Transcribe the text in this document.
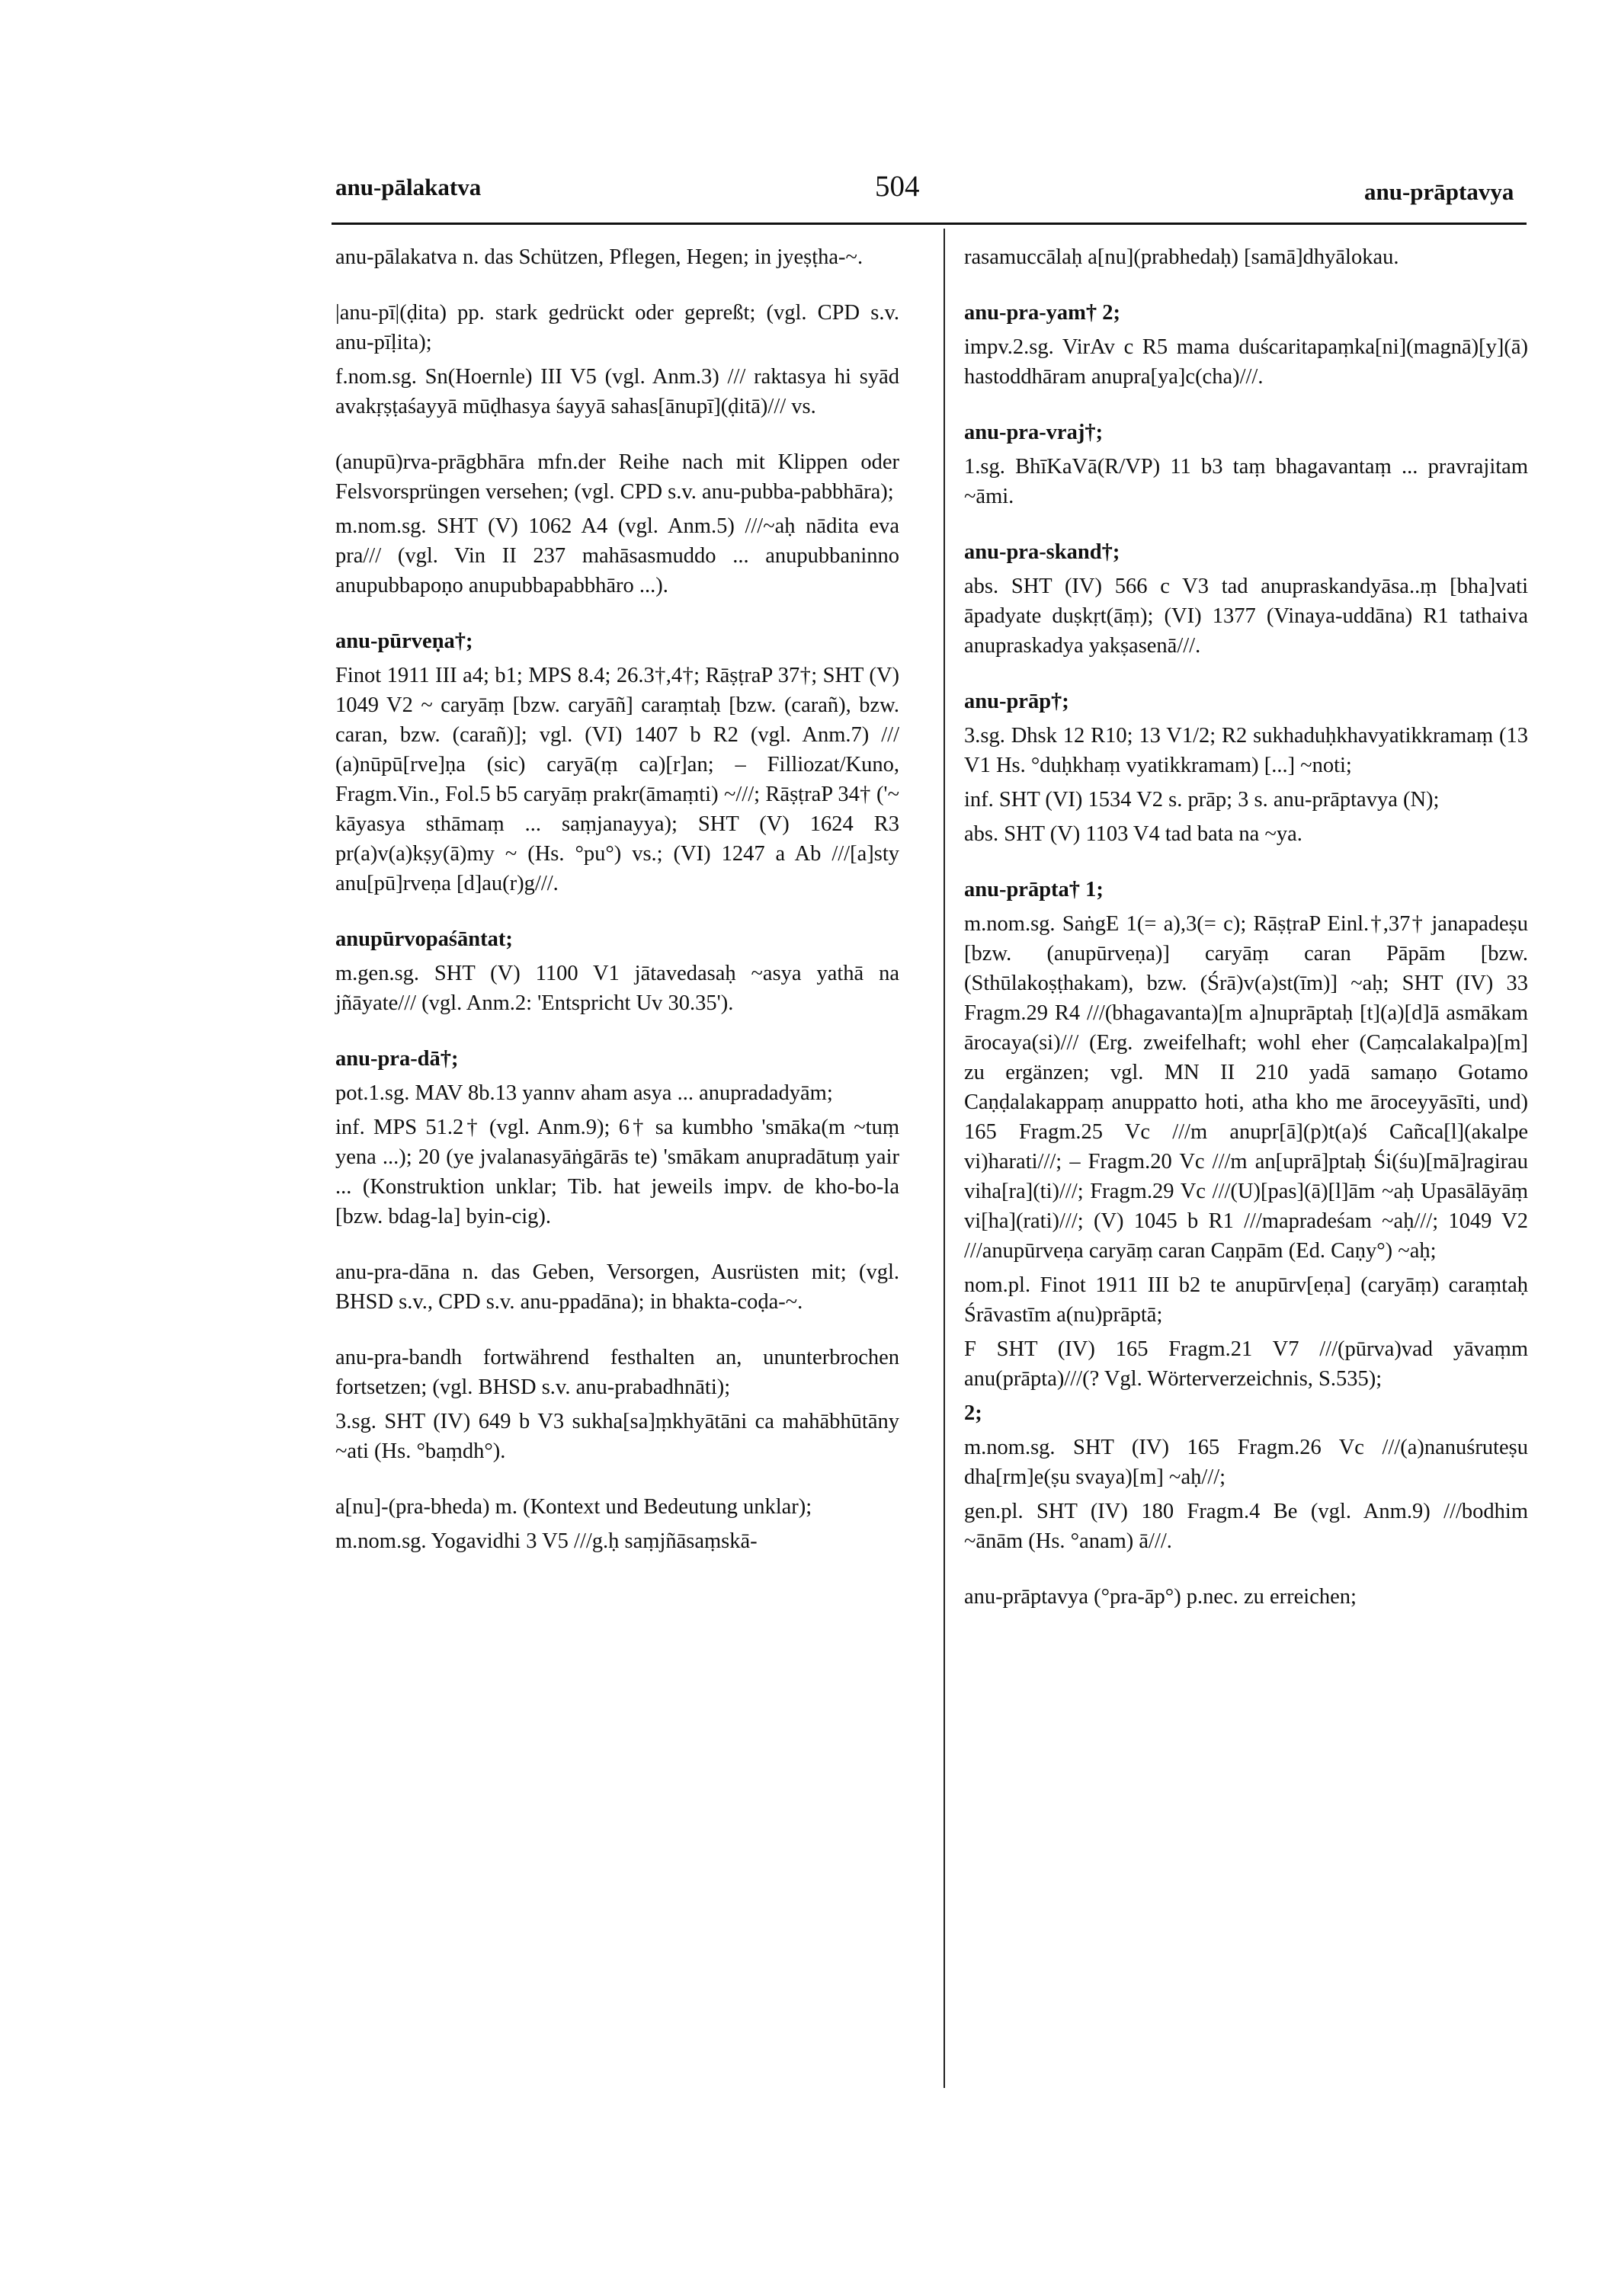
anu-pālakatva	504	anu-prāptavya

anu-pālakatva n. das Schützen, Pflegen, Hegen; in jyeṣṭha-~.

|anu-pī|(ḍita) pp. stark gedrückt oder gepreßt; (vgl. CPD s.v. anu-pīḷita);

f.nom.sg. Sn(Hoernle) III V5 (vgl. Anm.3) /// raktasya hi syād avakṛṣṭaśayyā mūḍhasya śayyā sahas[ānupī](ḍitā)/// vs.

(anupū)rva-prāgbhāra mfn.der Reihe nach mit Klippen oder Felsvorsprüngen versehen; (vgl. CPD s.v. anu-pubba-pabbhāra);

m.nom.sg. SHT (V) 1062 A4 (vgl. Anm.5) ///~aḥ nādita eva pra/// (vgl. Vin II 237 mahāsasmuddo ... anupubbaninno anupubbapoṇo anupubbapabbhāro ...).

anu-pūrveṇa†;

Finot 1911 III a4; b1; MPS 8.4; 26.3†,4†; RāṣṭraP 37†; SHT (V) 1049 V2 ~ caryāṃ [bzw. caryāñ] caraṃtaḥ [bzw. (carañ), bzw. caran, bzw. (carañ)]; vgl. (VI) 1407 b R2 (vgl. Anm.7) /// (a)nūpū[rve]ṇa (sic) caryā(ṃ ca)[r]an; – Filliozat/Kuno, Fragm.Vin., Fol.5 b5 caryāṃ prakr(āmaṃti) ~///; RāṣṭraP 34† ('~ kāyasya sthāmaṃ ... saṃjanayya); SHT (V) 1624 R3 pr(a)v(a)kṣy(ā)my ~ (Hs. °pu°) vs.; (VI) 1247 a Ab ///[a]sty anu[pū]rveṇa [d]au(r)g///.

anupūrvopaśāntat;

m.gen.sg. SHT (V) 1100 V1 jātavedasaḥ ~asya yathā na jñāyate/// (vgl. Anm.2: 'Entspricht Uv 30.35').

anu-pra-dā†;

pot.1.sg. MAV 8b.13 yannv aham asya ... anupradadyām;

inf. MPS 51.2† (vgl. Anm.9); 6† sa kumbho 'smāka(m ~tuṃ yena ...); 20 (ye jvalanasyāṅgārās te) 'smākam anupradātuṃ yair ... (Konstruktion unklar; Tib. hat jeweils impv. de kho-bo-la [bzw. bdag-la] byin-cig).

anu-pra-dāna n. das Geben, Versorgen, Ausrüsten mit; (vgl. BHSD s.v., CPD s.v. anu-ppadāna); in bhakta-coḍa-~.

anu-pra-bandh fortwährend festhalten an, ununterbrochen fortsetzen; (vgl. BHSD s.v. anu-prabadhnāti);

3.sg. SHT (IV) 649 b V3 sukha[sa]ṃkhyātāni ca mahābhūtāny ~ati (Hs. °baṃdh°).

a[nu]-(pra-bheda) m. (Kontext und Bedeutung unklar);

m.nom.sg. Yogavidhi 3 V5 ///g.ḥ saṃjñāsaṃskā-

rasamuccālaḥ a[nu](prabhedaḥ) [samā]dhyālokau.

anu-pra-yam† 2;

impv.2.sg. VirAv c R5 mama duścaritapaṃka[ni](magnā)[y](ā) hastoddhāram anupra[ya]c(cha)///.

anu-pra-vraj†;

1.sg. BhīKaVā(R/VP) 11 b3 taṃ bhagavantaṃ ... pravrajitam ~āmi.

anu-pra-skand†;

abs. SHT (IV) 566 c V3 tad anupraskandyāsa..ṃ [bha]vati āpadyate duṣkṛt(āṃ); (VI) 1377 (Vinaya-uddāna) R1 tathaiva anupraskadya yakṣasenā///.

anu-prāp†;

3.sg. Dhsk 12 R10; 13 V1/2; R2 sukhaduḥkhavyatikkramaṃ (13 V1 Hs. °duḥkhaṃ vyatikkramam) [...] ~noti;

inf. SHT (VI) 1534 V2 s. prāp; 3 s. anu-prāptavya (N);

abs. SHT (V) 1103 V4 tad bata na ~ya.

anu-prāpta† 1;

m.nom.sg. SaṅgE 1(= a),3(= c); RāṣṭraP Einl.†,37† janapadeṣu [bzw. (anupūrveṇa)] caryāṃ caran Pāpām [bzw. (Sthūlakoṣṭhakam), bzw. (Śrā)v(a)st(īm)] ~aḥ; SHT (IV) 33 Fragm.29 R4 ///(bhagavanta)[m a]nuprāptaḥ [t](a)[d]ā asmākam ārocaya(si)/// (Erg. zweifelhaft; wohl eher (Caṃcalakalpa)[m] zu ergänzen; vgl. MN II 210 yadā samaṇo Gotamo Caṇḍalakappaṃ anuppatto hoti, atha kho me āroceyyāsīti, und) 165 Fragm.25 Vc ///m anupr[ā](p)t(a)ś Cañca[l](akalpe vi)harati///; – Fragm.20 Vc ///m an[uprā]ptaḥ Śi(śu)[mā]ragirau viha[ra](ti)///; Fragm.29 Vc ///(U)[pas](ā)[l]ām ~aḥ Upasālāyāṃ vi[ha](rati)///; (V) 1045 b R1 ///mapradeśam ~aḥ///; 1049 V2 ///anupūrveṇa caryāṃ caran Caṇpām (Ed. Caṇy°) ~aḥ;

nom.pl. Finot 1911 III b2 te anupūrv[eṇa] (caryāṃ) caraṃtaḥ Śrāvastīm a(nu)prāptā;

F SHT (IV) 165 Fragm.21 V7 ///(pūrva)vad yāvaṃm anu(prāpta)///(? Vgl. Wörterverzeichnis, S.535);

2;

m.nom.sg. SHT (IV) 165 Fragm.26 Vc ///(a)nanuśruteṣu dha[rm]e(ṣu svaya)[m] ~aḥ///;

gen.pl. SHT (IV) 180 Fragm.4 Be (vgl. Anm.9) ///bodhim ~ānām (Hs. °anam) ā///.

anu-prāptavya (°pra-āp°) p.nec. zu erreichen;
